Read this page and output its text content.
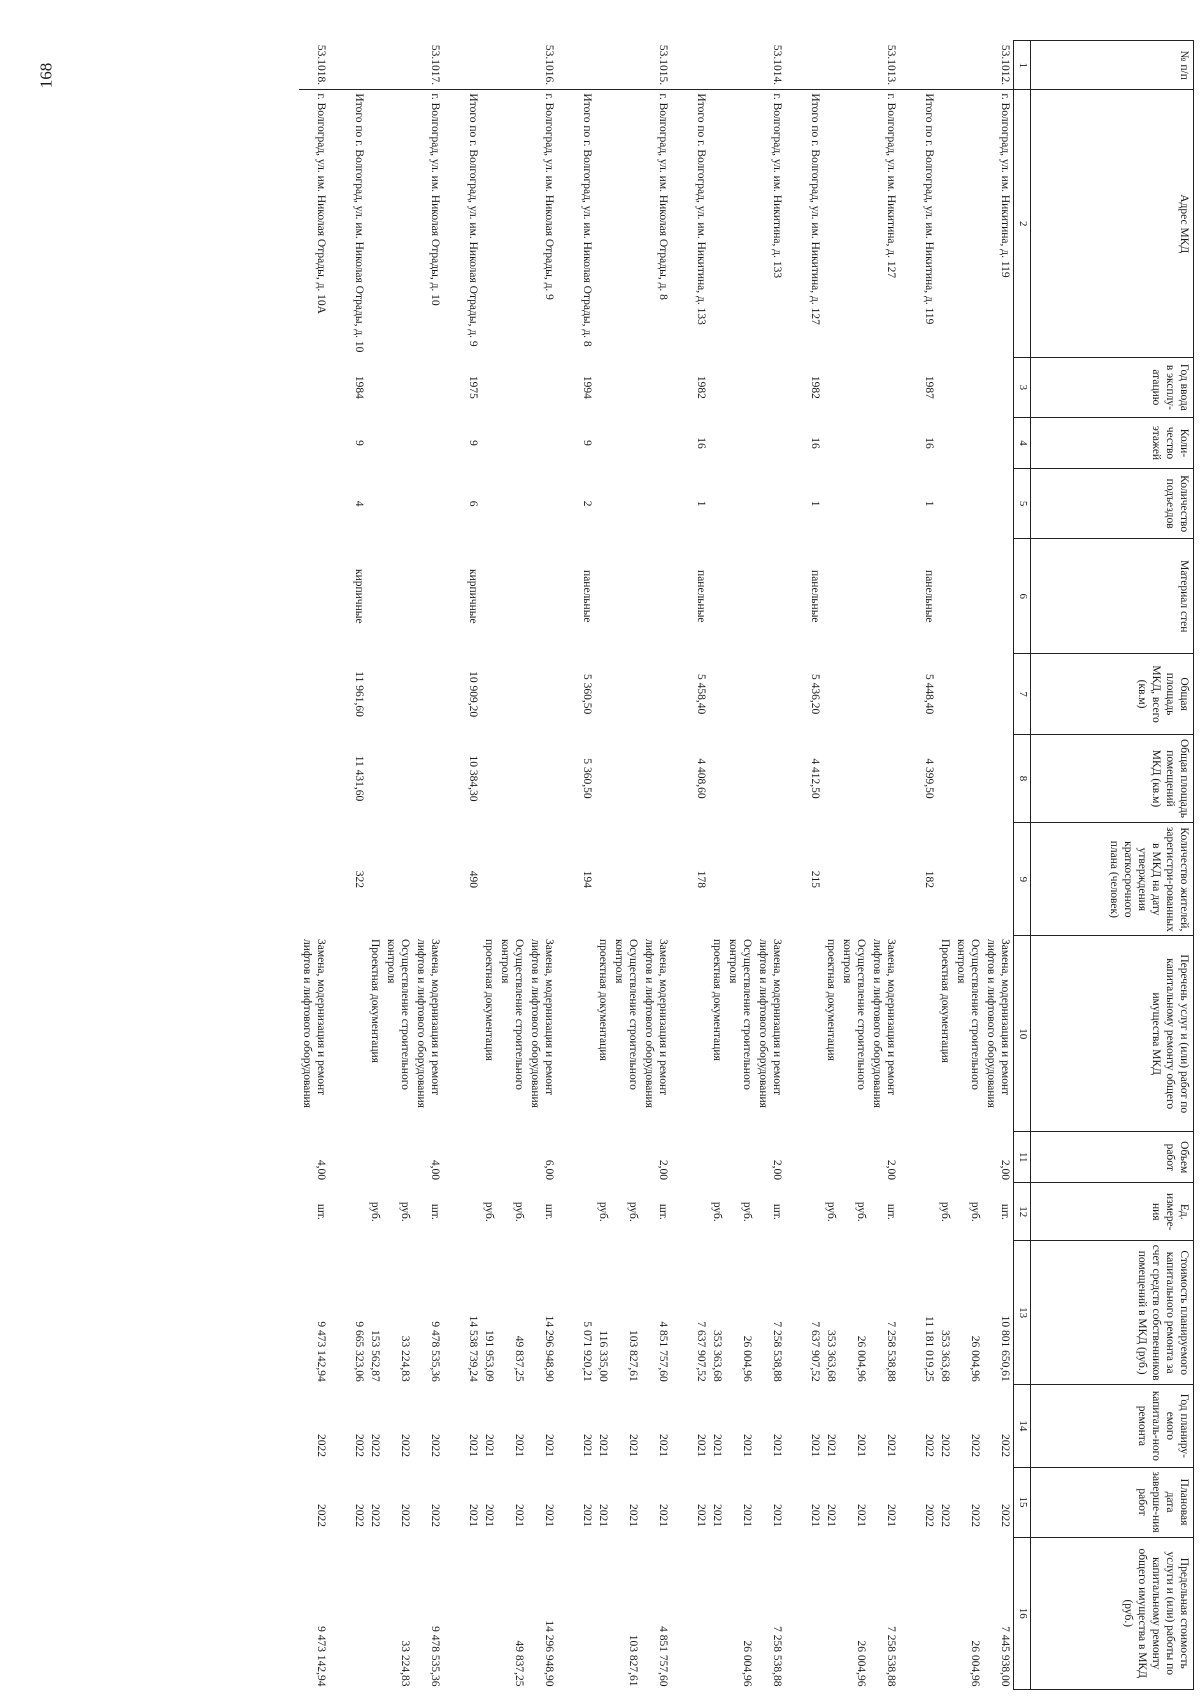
168	№ п/п	Адрес МКД	Год ввода в эксплу-атацию	Коли-чество этажей	Количество подъездов	Материал стен	Общая площадь МКД, всего (кв.м)	Общая площадь помещений МКД (кв.м)	Количество жителей, зарегистри-рованных в МКД на дату утверждения краткосрочного плана (человек)	Перечень услуг и (или) работ по капитальному ремонту общего имущества МКД	Объем работ	Ед. измере-ния	Стоимость планируемого капитального ремонта за счет средств собственников помещений в МКД (руб.)	Год планиру-емого капиталь-ного ремонта	Плановая дата заверше-ния работ	Предельная стоимость услуги и (или) работы по капитальному ремонту общего имущества в МКД (руб.)
1	2	3	4	5	6	7	8	9	10	11	12	13	14	15	16
53.1012.	г. Волгоград, ул. им. Никитина, д. 119								Замена, модернизация и ремонт лифтов и лифтового оборудования	2,00	шт.	10 801 650,61	2022	2022	7 445 938,00
									Осуществление строительного контроля		руб.	26 004,96	2022	2022	26 004,96
									Проектная документация		руб.	353 363,68	2022	2022	
	Итого по г. Волгоград, ул. им. Никитина, д. 119	1987	16	1	панельные	5 448,40	4 399,50	182				11 181 019,25	2022	2022	

53.1013.	г. Волгоград, ул. им. Никитина, д. 127								Замена, модернизация и ремонт лифтов и лифтового оборудования	2,00	шт.	7 258 538,88	2021	2021	7 258 538,88
									Осуществление строительного контроля		руб.	26 004,96	2021	2021	26 004,96
									проектная документация		руб.	353 363,68	2021	2021	
	Итого по г. Волгоград, ул. им. Никитина, д. 127	1982	16	1	панельные	5 436,20	4 412,50	215				7 637 907,52	2021	2021	

53.1014.	г. Волгоград, ул. им. Никитина, д. 133								Замена, модернизация и ремонт лифтов и лифтового оборудования	2,00	шт.	7 258 538,88	2021	2021	7 258 538,88
									Осуществление строительного контроля		руб.	26 004,96	2021	2021	26 004,96
									проектная документация		руб.	353 363,68	2021	2021	
	Итого по г. Волгоград, ул. им. Никитина, д. 133	1982	16	1	панельные	5 458,40	4 408,60	178				7 637 907,52	2021	2021	

53.1015.	г. Волгоград, ул. им. Николая Отрады, д. 8								Замена, модернизация и ремонт лифтов и лифтового оборудования	2,00	шт.	4 851 757,60	2021	2021	4 851 757,60
									Осуществление строительного контроля		руб.	103 827,61	2021	2021	103 827,61
									проектная документация		руб.	116 335,00	2021	2021	
	Итого по г. Волгоград, ул. им. Николая Отрады, д. 8	1994	9	2	панельные	5 360,50	5 360,50	194				5 071 920,21	2021	2021	

53.1016.	г. Волгоград, ул. им. Николая Отрады, д. 9								Замена, модернизация и ремонт лифтов и лифтового оборудования	6,00	шт.	14 296 948,90	2021	2021	14 296 948,90
									Осуществление строительного контроля		руб.	49 837,25	2021	2021	49 837,25
									проектная документация		руб.	191 953,09	2021	2021	
	Итого по г. Волгоград, ул. им. Николая Отрады, д. 9	1975	9	6	кирпичные	10 909,20	10 384,30	490				14 538 739,24	2021	2021	

53.1017.	г. Волгоград, ул. им. Николая Отрады, д. 10								Замена, модернизация и ремонт лифтов и лифтового оборудования	4,00	шт.	9 478 535,36	2022	2022	9 478 535,36
									Осуществление строительного контроля		руб.	33 224,83	2022	2022	33 224,83
									Проектная документация		руб.	153 562,87	2022	2022	
	Итого по г. Волгоград, ул. им. Николая Отрады, д. 10	1984	9	4	кирпичные	11 961,60	11 431,60	322				9 665 323,06	2022	2022	

53.1018.	г. Волгоград, ул. им. Николая Отрады, д. 10А								Замена, модернизация и ремонт лифтов и лифтового оборудования	4,00	шт.	9 473 142,94	2022	2022	9 473 142,94
